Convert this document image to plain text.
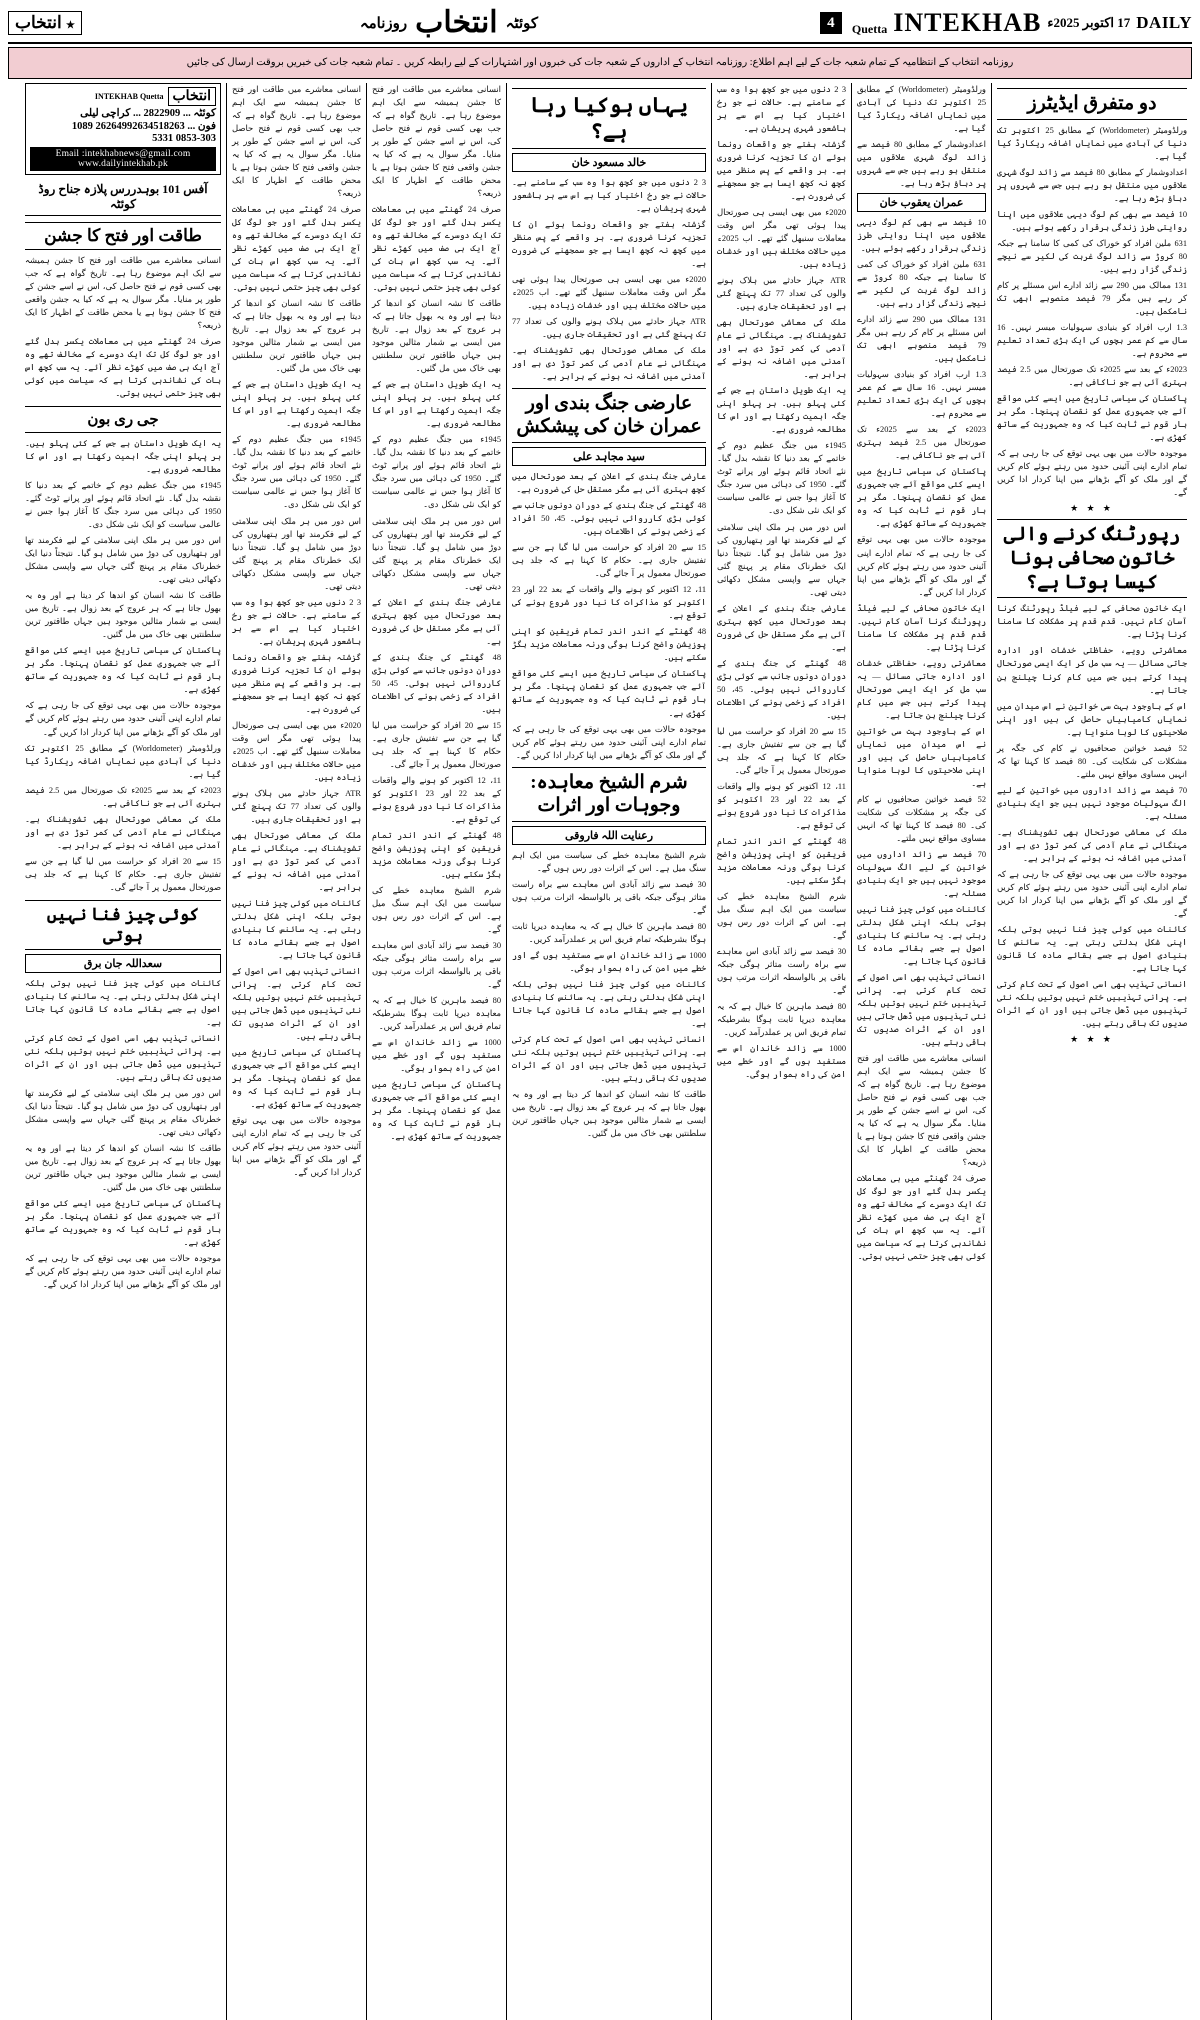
DAILY
17 اکتوبر 2025ء
INTEKHAB
Quetta
4
کوئٹہ
انتخاب
روزنامہ
★ انتخاب
روزنامہ انتخاب کے انتظامیہ کے تمام شعبہ جات کے لیے اہم اطلاع: روزنامہ انتخاب کے اداروں کے شعبہ جات کی خبروں اور اشتہارات کے لیے رابطہ کریں ۔ تمام شعبہ جات کی خبریں بروقت ارسال کی جائیں
دو متفرق ایڈیٹرز

ورلڈومیٹر (Worldometer) کے مطابق 25 اکتوبر تک دنیا کی آبادی میں نمایاں اضافہ ریکارڈ کیا گیا ہے۔

اعدادوشمار کے مطابق 80 فیصد سے زائد لوگ شہری علاقوں میں منتقل ہو رہے ہیں جس سے شہروں پر دباؤ بڑھ رہا ہے۔

10 فیصد سے بھی کم لوگ دیہی علاقوں میں اپنا روایتی طرز زندگی برقرار رکھے ہوئے ہیں۔

631 ملین افراد کو خوراک کی کمی کا سامنا ہے جبکہ 80 کروڑ سے زائد لوگ غربت کی لکیر سے نیچے زندگی گزار رہے ہیں۔

131 ممالک میں 290 سے زائد ادارے اس مسئلے پر کام کر رہے ہیں مگر 79 فیصد منصوبے ابھی تک نامکمل ہیں۔

1.3 ارب افراد کو بنیادی سہولیات میسر نہیں۔ 16 سال سے کم عمر بچوں کی ایک بڑی تعداد تعلیم سے محروم ہے۔

2023ء کے بعد سے 2025ء تک صورتحال میں 2.5 فیصد بہتری آئی ہے جو ناکافی ہے۔

پاکستان کی سیاسی تاریخ میں ایسے کئی مواقع آئے جب جمہوری عمل کو نقصان پہنچا۔ مگر ہر بار قوم نے ثابت کیا کہ وہ جمہوریت کے ساتھ کھڑی ہے۔

موجودہ حالات میں بھی یہی توقع کی جا رہی ہے کہ تمام ادارے اپنی آئینی حدود میں رہتے ہوئے کام کریں گے اور ملک کو آگے بڑھانے میں اپنا کردار ادا کریں گے۔

★ ★ ★
رپورٹنگ کرنے والی خاتون صحافی ہونا کیسا ہوتا ہے؟

ایک خاتون صحافی کے لیے فیلڈ رپورٹنگ کرنا آسان کام نہیں۔ قدم قدم پر مشکلات کا سامنا کرنا پڑتا ہے۔

معاشرتی رویے، حفاظتی خدشات اور ادارہ جاتی مسائل — یہ سب مل کر ایک ایسی صورتحال پیدا کرتے ہیں جس میں کام کرنا چیلنج بن جاتا ہے۔

اس کے باوجود بہت سی خواتین نے اس میدان میں نمایاں کامیابیاں حاصل کی ہیں اور اپنی صلاحیتوں کا لوہا منوایا ہے۔

52 فیصد خواتین صحافیوں نے کام کی جگہ پر مشکلات کی شکایت کی۔ 80 فیصد کا کہنا تھا کہ انہیں مساوی مواقع نہیں ملتے۔

70 فیصد سے زائد اداروں میں خواتین کے لیے الگ سہولیات موجود نہیں ہیں جو ایک بنیادی مسئلہ ہے۔

ملک کی معاشی صورتحال بھی تشویشناک ہے۔ مہنگائی نے عام آدمی کی کمر توڑ دی ہے اور آمدنی میں اضافہ نہ ہونے کے برابر ہے۔

موجودہ حالات میں بھی یہی توقع کی جا رہی ہے کہ تمام ادارے اپنی آئینی حدود میں رہتے ہوئے کام کریں گے اور ملک کو آگے بڑھانے میں اپنا کردار ادا کریں گے۔

کائنات میں کوئی چیز فنا نہیں ہوتی بلکہ اپنی شکل بدلتی رہتی ہے۔ یہ سائنس کا بنیادی اصول ہے جسے بقائے مادہ کا قانون کہا جاتا ہے۔

انسانی تہذیب بھی اسی اصول کے تحت کام کرتی ہے۔ پرانی تہذیبیں ختم نہیں ہوتیں بلکہ نئی تہذیبوں میں ڈھل جاتی ہیں اور ان کے اثرات صدیوں تک باقی رہتے ہیں۔

★ ★ ★

ورلڈومیٹر (Worldometer) کے مطابق 25 اکتوبر تک دنیا کی آبادی میں نمایاں اضافہ ریکارڈ کیا گیا ہے۔

اعدادوشمار کے مطابق 80 فیصد سے زائد لوگ شہری علاقوں میں منتقل ہو رہے ہیں جس سے شہروں پر دباؤ بڑھ رہا ہے۔

عمران یعقوب خان

10 فیصد سے بھی کم لوگ دیہی علاقوں میں اپنا روایتی طرز زندگی برقرار رکھے ہوئے ہیں۔

631 ملین افراد کو خوراک کی کمی کا سامنا ہے جبکہ 80 کروڑ سے زائد لوگ غربت کی لکیر سے نیچے زندگی گزار رہے ہیں۔

131 ممالک میں 290 سے زائد ادارے اس مسئلے پر کام کر رہے ہیں مگر 79 فیصد منصوبے ابھی تک نامکمل ہیں۔

1.3 ارب افراد کو بنیادی سہولیات میسر نہیں۔ 16 سال سے کم عمر بچوں کی ایک بڑی تعداد تعلیم سے محروم ہے۔

2023ء کے بعد سے 2025ء تک صورتحال میں 2.5 فیصد بہتری آئی ہے جو ناکافی ہے۔

پاکستان کی سیاسی تاریخ میں ایسے کئی مواقع آئے جب جمہوری عمل کو نقصان پہنچا۔ مگر ہر بار قوم نے ثابت کیا کہ وہ جمہوریت کے ساتھ کھڑی ہے۔

موجودہ حالات میں بھی یہی توقع کی جا رہی ہے کہ تمام ادارے اپنی آئینی حدود میں رہتے ہوئے کام کریں گے اور ملک کو آگے بڑھانے میں اپنا کردار ادا کریں گے۔

ایک خاتون صحافی کے لیے فیلڈ رپورٹنگ کرنا آسان کام نہیں۔ قدم قدم پر مشکلات کا سامنا کرنا پڑتا ہے۔

معاشرتی رویے، حفاظتی خدشات اور ادارہ جاتی مسائل — یہ سب مل کر ایک ایسی صورتحال پیدا کرتے ہیں جس میں کام کرنا چیلنج بن جاتا ہے۔

اس کے باوجود بہت سی خواتین نے اس میدان میں نمایاں کامیابیاں حاصل کی ہیں اور اپنی صلاحیتوں کا لوہا منوایا ہے۔

52 فیصد خواتین صحافیوں نے کام کی جگہ پر مشکلات کی شکایت کی۔ 80 فیصد کا کہنا تھا کہ انہیں مساوی مواقع نہیں ملتے۔

70 فیصد سے زائد اداروں میں خواتین کے لیے الگ سہولیات موجود نہیں ہیں جو ایک بنیادی مسئلہ ہے۔

کائنات میں کوئی چیز فنا نہیں ہوتی بلکہ اپنی شکل بدلتی رہتی ہے۔ یہ سائنس کا بنیادی اصول ہے جسے بقائے مادہ کا قانون کہا جاتا ہے۔

انسانی تہذیب بھی اسی اصول کے تحت کام کرتی ہے۔ پرانی تہذیبیں ختم نہیں ہوتیں بلکہ نئی تہذیبوں میں ڈھل جاتی ہیں اور ان کے اثرات صدیوں تک باقی رہتے ہیں۔

انسانی معاشرے میں طاقت اور فتح کا جشن ہمیشہ سے ایک اہم موضوع رہا ہے۔ تاریخ گواہ ہے کہ جب بھی کسی قوم نے فتح حاصل کی، اس نے اسے جشن کے طور پر منایا۔ مگر سوال یہ ہے کہ کیا یہ جشن واقعی فتح کا جشن ہوتا ہے یا محض طاقت کے اظہار کا ایک ذریعہ؟

صرف 24 گھنٹے میں ہی معاملات یکسر بدل گئے اور جو لوگ کل تک ایک دوسرے کے مخالف تھے وہ آج ایک ہی صف میں کھڑے نظر آئے۔ یہ سب کچھ اس بات کی نشاندہی کرتا ہے کہ سیاست میں کوئی بھی چیز حتمی نہیں ہوتی۔

3 2 دنوں میں جو کچھ ہوا وہ سب کے سامنے ہے۔ حالات نے جو رخ اختیار کیا ہے اس سے ہر باشعور شہری پریشان ہے۔

گزشتہ ہفتے جو واقعات رونما ہوئے ان کا تجزیہ کرنا ضروری ہے۔ ہر واقعے کے پس منظر میں کچھ نہ کچھ ایسا ہے جو سمجھنے کی ضرورت ہے۔

2020ء میں بھی ایسی ہی صورتحال پیدا ہوئی تھی مگر اس وقت معاملات سنبھل گئے تھے۔ اب 2025ء میں حالات مختلف ہیں اور خدشات زیادہ ہیں۔

ATR جہاز حادثے میں ہلاک ہونے والوں کی تعداد 77 تک پہنچ گئی ہے اور تحقیقات جاری ہیں۔

ملک کی معاشی صورتحال بھی تشویشناک ہے۔ مہنگائی نے عام آدمی کی کمر توڑ دی ہے اور آمدنی میں اضافہ نہ ہونے کے برابر ہے۔

یہ ایک طویل داستان ہے جس کے کئی پہلو ہیں۔ ہر پہلو اپنی جگہ اہمیت رکھتا ہے اور اس کا مطالعہ ضروری ہے۔

1945ء میں جنگ عظیم دوم کے خاتمے کے بعد دنیا کا نقشہ بدل گیا۔ نئے اتحاد قائم ہوئے اور پرانے ٹوٹ گئے۔ 1950 کی دہائی میں سرد جنگ کا آغاز ہوا جس نے عالمی سیاست کو ایک نئی شکل دی۔

اس دور میں ہر ملک اپنی سلامتی کے لیے فکرمند تھا اور ہتھیاروں کی دوڑ میں شامل ہو گیا۔ نتیجتاً دنیا ایک خطرناک مقام پر پہنچ گئی جہاں سے واپسی مشکل دکھائی دیتی تھی۔

عارضی جنگ بندی کے اعلان کے بعد صورتحال میں کچھ بہتری آئی ہے مگر مستقل حل کی ضرورت ہے۔

48 گھنٹے کی جنگ بندی کے دوران دونوں جانب سے کوئی بڑی کارروائی نہیں ہوئی۔ 45، 50 افراد کے زخمی ہونے کی اطلاعات ہیں۔

15 سے 20 افراد کو حراست میں لیا گیا ہے جن سے تفتیش جاری ہے۔ حکام کا کہنا ہے کہ جلد ہی صورتحال معمول پر آ جائے گی۔

11، 12 اکتوبر کو ہونے والے واقعات کے بعد 22 اور 23 اکتوبر کو مذاکرات کا نیا دور شروع ہونے کی توقع ہے۔

48 گھنٹے کے اندر اندر تمام فریقین کو اپنی پوزیشن واضح کرنا ہوگی ورنہ معاملات مزید بگڑ سکتے ہیں۔

شرم الشیخ معاہدہ خطے کی سیاست میں ایک اہم سنگ میل ہے۔ اس کے اثرات دور رس ہوں گے۔

30 فیصد سے زائد آبادی اس معاہدے سے براہ راست متاثر ہوگی جبکہ باقی پر بالواسطہ اثرات مرتب ہوں گے۔

80 فیصد ماہرین کا خیال ہے کہ یہ معاہدہ دیرپا ثابت ہوگا بشرطیکہ تمام فریق اس پر عملدرآمد کریں۔

1000 سے زائد خاندان اس سے مستفید ہوں گے اور خطے میں امن کی راہ ہموار ہوگی۔

یہاں ہوکیا رہا ہے؟
خالد مسعود خان

3 2 دنوں میں جو کچھ ہوا وہ سب کے سامنے ہے۔ حالات نے جو رخ اختیار کیا ہے اس سے ہر باشعور شہری پریشان ہے۔

گزشتہ ہفتے جو واقعات رونما ہوئے ان کا تجزیہ کرنا ضروری ہے۔ ہر واقعے کے پس منظر میں کچھ نہ کچھ ایسا ہے جو سمجھنے کی ضرورت ہے۔

2020ء میں بھی ایسی ہی صورتحال پیدا ہوئی تھی مگر اس وقت معاملات سنبھل گئے تھے۔ اب 2025ء میں حالات مختلف ہیں اور خدشات زیادہ ہیں۔

ATR جہاز حادثے میں ہلاک ہونے والوں کی تعداد 77 تک پہنچ گئی ہے اور تحقیقات جاری ہیں۔

ملک کی معاشی صورتحال بھی تشویشناک ہے۔ مہنگائی نے عام آدمی کی کمر توڑ دی ہے اور آمدنی میں اضافہ نہ ہونے کے برابر ہے۔

عارضی جنگ بندی اور عمران خان کی پیشکش
سید مجاہد علی

عارضی جنگ بندی کے اعلان کے بعد صورتحال میں کچھ بہتری آئی ہے مگر مستقل حل کی ضرورت ہے۔

48 گھنٹے کی جنگ بندی کے دوران دونوں جانب سے کوئی بڑی کارروائی نہیں ہوئی۔ 45، 50 افراد کے زخمی ہونے کی اطلاعات ہیں۔

15 سے 20 افراد کو حراست میں لیا گیا ہے جن سے تفتیش جاری ہے۔ حکام کا کہنا ہے کہ جلد ہی صورتحال معمول پر آ جائے گی۔

11، 12 اکتوبر کو ہونے والے واقعات کے بعد 22 اور 23 اکتوبر کو مذاکرات کا نیا دور شروع ہونے کی توقع ہے۔

48 گھنٹے کے اندر اندر تمام فریقین کو اپنی پوزیشن واضح کرنا ہوگی ورنہ معاملات مزید بگڑ سکتے ہیں۔

پاکستان کی سیاسی تاریخ میں ایسے کئی مواقع آئے جب جمہوری عمل کو نقصان پہنچا۔ مگر ہر بار قوم نے ثابت کیا کہ وہ جمہوریت کے ساتھ کھڑی ہے۔

موجودہ حالات میں بھی یہی توقع کی جا رہی ہے کہ تمام ادارے اپنی آئینی حدود میں رہتے ہوئے کام کریں گے اور ملک کو آگے بڑھانے میں اپنا کردار ادا کریں گے۔

شرم الشیخ معاہدہ: وجوہات اور اثرات
رعنایت اللہ فاروقی

شرم الشیخ معاہدہ خطے کی سیاست میں ایک اہم سنگ میل ہے۔ اس کے اثرات دور رس ہوں گے۔

30 فیصد سے زائد آبادی اس معاہدے سے براہ راست متاثر ہوگی جبکہ باقی پر بالواسطہ اثرات مرتب ہوں گے۔

80 فیصد ماہرین کا خیال ہے کہ یہ معاہدہ دیرپا ثابت ہوگا بشرطیکہ تمام فریق اس پر عملدرآمد کریں۔

1000 سے زائد خاندان اس سے مستفید ہوں گے اور خطے میں امن کی راہ ہموار ہوگی۔

کائنات میں کوئی چیز فنا نہیں ہوتی بلکہ اپنی شکل بدلتی رہتی ہے۔ یہ سائنس کا بنیادی اصول ہے جسے بقائے مادہ کا قانون کہا جاتا ہے۔

انسانی تہذیب بھی اسی اصول کے تحت کام کرتی ہے۔ پرانی تہذیبیں ختم نہیں ہوتیں بلکہ نئی تہذیبوں میں ڈھل جاتی ہیں اور ان کے اثرات صدیوں تک باقی رہتے ہیں۔

طاقت کا نشہ انسان کو اندھا کر دیتا ہے اور وہ یہ بھول جاتا ہے کہ ہر عروج کے بعد زوال ہے۔ تاریخ میں ایسی بے شمار مثالیں موجود ہیں جہاں طاقتور ترین سلطنتیں بھی خاک میں مل گئیں۔

انسانی معاشرے میں طاقت اور فتح کا جشن ہمیشہ سے ایک اہم موضوع رہا ہے۔ تاریخ گواہ ہے کہ جب بھی کسی قوم نے فتح حاصل کی، اس نے اسے جشن کے طور پر منایا۔ مگر سوال یہ ہے کہ کیا یہ جشن واقعی فتح کا جشن ہوتا ہے یا محض طاقت کے اظہار کا ایک ذریعہ؟

صرف 24 گھنٹے میں ہی معاملات یکسر بدل گئے اور جو لوگ کل تک ایک دوسرے کے مخالف تھے وہ آج ایک ہی صف میں کھڑے نظر آئے۔ یہ سب کچھ اس بات کی نشاندہی کرتا ہے کہ سیاست میں کوئی بھی چیز حتمی نہیں ہوتی۔

طاقت کا نشہ انسان کو اندھا کر دیتا ہے اور وہ یہ بھول جاتا ہے کہ ہر عروج کے بعد زوال ہے۔ تاریخ میں ایسی بے شمار مثالیں موجود ہیں جہاں طاقتور ترین سلطنتیں بھی خاک میں مل گئیں۔

یہ ایک طویل داستان ہے جس کے کئی پہلو ہیں۔ ہر پہلو اپنی جگہ اہمیت رکھتا ہے اور اس کا مطالعہ ضروری ہے۔

1945ء میں جنگ عظیم دوم کے خاتمے کے بعد دنیا کا نقشہ بدل گیا۔ نئے اتحاد قائم ہوئے اور پرانے ٹوٹ گئے۔ 1950 کی دہائی میں سرد جنگ کا آغاز ہوا جس نے عالمی سیاست کو ایک نئی شکل دی۔

اس دور میں ہر ملک اپنی سلامتی کے لیے فکرمند تھا اور ہتھیاروں کی دوڑ میں شامل ہو گیا۔ نتیجتاً دنیا ایک خطرناک مقام پر پہنچ گئی جہاں سے واپسی مشکل دکھائی دیتی تھی۔

عارضی جنگ بندی کے اعلان کے بعد صورتحال میں کچھ بہتری آئی ہے مگر مستقل حل کی ضرورت ہے۔

48 گھنٹے کی جنگ بندی کے دوران دونوں جانب سے کوئی بڑی کارروائی نہیں ہوئی۔ 45، 50 افراد کے زخمی ہونے کی اطلاعات ہیں۔

15 سے 20 افراد کو حراست میں لیا گیا ہے جن سے تفتیش جاری ہے۔ حکام کا کہنا ہے کہ جلد ہی صورتحال معمول پر آ جائے گی۔

11، 12 اکتوبر کو ہونے والے واقعات کے بعد 22 اور 23 اکتوبر کو مذاکرات کا نیا دور شروع ہونے کی توقع ہے۔

48 گھنٹے کے اندر اندر تمام فریقین کو اپنی پوزیشن واضح کرنا ہوگی ورنہ معاملات مزید بگڑ سکتے ہیں۔

شرم الشیخ معاہدہ خطے کی سیاست میں ایک اہم سنگ میل ہے۔ اس کے اثرات دور رس ہوں گے۔

30 فیصد سے زائد آبادی اس معاہدے سے براہ راست متاثر ہوگی جبکہ باقی پر بالواسطہ اثرات مرتب ہوں گے۔

80 فیصد ماہرین کا خیال ہے کہ یہ معاہدہ دیرپا ثابت ہوگا بشرطیکہ تمام فریق اس پر عملدرآمد کریں۔

1000 سے زائد خاندان اس سے مستفید ہوں گے اور خطے میں امن کی راہ ہموار ہوگی۔

پاکستان کی سیاسی تاریخ میں ایسے کئی مواقع آئے جب جمہوری عمل کو نقصان پہنچا۔ مگر ہر بار قوم نے ثابت کیا کہ وہ جمہوریت کے ساتھ کھڑی ہے۔

انسانی معاشرے میں طاقت اور فتح کا جشن ہمیشہ سے ایک اہم موضوع رہا ہے۔ تاریخ گواہ ہے کہ جب بھی کسی قوم نے فتح حاصل کی، اس نے اسے جشن کے طور پر منایا۔ مگر سوال یہ ہے کہ کیا یہ جشن واقعی فتح کا جشن ہوتا ہے یا محض طاقت کے اظہار کا ایک ذریعہ؟

صرف 24 گھنٹے میں ہی معاملات یکسر بدل گئے اور جو لوگ کل تک ایک دوسرے کے مخالف تھے وہ آج ایک ہی صف میں کھڑے نظر آئے۔ یہ سب کچھ اس بات کی نشاندہی کرتا ہے کہ سیاست میں کوئی بھی چیز حتمی نہیں ہوتی۔

طاقت کا نشہ انسان کو اندھا کر دیتا ہے اور وہ یہ بھول جاتا ہے کہ ہر عروج کے بعد زوال ہے۔ تاریخ میں ایسی بے شمار مثالیں موجود ہیں جہاں طاقتور ترین سلطنتیں بھی خاک میں مل گئیں۔

یہ ایک طویل داستان ہے جس کے کئی پہلو ہیں۔ ہر پہلو اپنی جگہ اہمیت رکھتا ہے اور اس کا مطالعہ ضروری ہے۔

1945ء میں جنگ عظیم دوم کے خاتمے کے بعد دنیا کا نقشہ بدل گیا۔ نئے اتحاد قائم ہوئے اور پرانے ٹوٹ گئے۔ 1950 کی دہائی میں سرد جنگ کا آغاز ہوا جس نے عالمی سیاست کو ایک نئی شکل دی۔

اس دور میں ہر ملک اپنی سلامتی کے لیے فکرمند تھا اور ہتھیاروں کی دوڑ میں شامل ہو گیا۔ نتیجتاً دنیا ایک خطرناک مقام پر پہنچ گئی جہاں سے واپسی مشکل دکھائی دیتی تھی۔

3 2 دنوں میں جو کچھ ہوا وہ سب کے سامنے ہے۔ حالات نے جو رخ اختیار کیا ہے اس سے ہر باشعور شہری پریشان ہے۔

گزشتہ ہفتے جو واقعات رونما ہوئے ان کا تجزیہ کرنا ضروری ہے۔ ہر واقعے کے پس منظر میں کچھ نہ کچھ ایسا ہے جو سمجھنے کی ضرورت ہے۔

2020ء میں بھی ایسی ہی صورتحال پیدا ہوئی تھی مگر اس وقت معاملات سنبھل گئے تھے۔ اب 2025ء میں حالات مختلف ہیں اور خدشات زیادہ ہیں۔

ATR جہاز حادثے میں ہلاک ہونے والوں کی تعداد 77 تک پہنچ گئی ہے اور تحقیقات جاری ہیں۔

ملک کی معاشی صورتحال بھی تشویشناک ہے۔ مہنگائی نے عام آدمی کی کمر توڑ دی ہے اور آمدنی میں اضافہ نہ ہونے کے برابر ہے۔

کائنات میں کوئی چیز فنا نہیں ہوتی بلکہ اپنی شکل بدلتی رہتی ہے۔ یہ سائنس کا بنیادی اصول ہے جسے بقائے مادہ کا قانون کہا جاتا ہے۔

انسانی تہذیب بھی اسی اصول کے تحت کام کرتی ہے۔ پرانی تہذیبیں ختم نہیں ہوتیں بلکہ نئی تہذیبوں میں ڈھل جاتی ہیں اور ان کے اثرات صدیوں تک باقی رہتے ہیں۔

پاکستان کی سیاسی تاریخ میں ایسے کئی مواقع آئے جب جمہوری عمل کو نقصان پہنچا۔ مگر ہر بار قوم نے ثابت کیا کہ وہ جمہوریت کے ساتھ کھڑی ہے۔

موجودہ حالات میں بھی یہی توقع کی جا رہی ہے کہ تمام ادارے اپنی آئینی حدود میں رہتے ہوئے کام کریں گے اور ملک کو آگے بڑھانے میں اپنا کردار ادا کریں گے۔

انتخاب
INTEKHAB Quetta
کوئٹہ ... 2822909 ... کراچی لیلی
فون ... 26264992634518263 1089
0853-303 5331
Email :intekhabnews@gmail.com www.dailyintekhab.pk
آفس 101 بوہدررس پلازہ جناح روڈ کوئٹہ
طاقت اور فتح کا جشن

انسانی معاشرے میں طاقت اور فتح کا جشن ہمیشہ سے ایک اہم موضوع رہا ہے۔ تاریخ گواہ ہے کہ جب بھی کسی قوم نے فتح حاصل کی، اس نے اسے جشن کے طور پر منایا۔ مگر سوال یہ ہے کہ کیا یہ جشن واقعی فتح کا جشن ہوتا ہے یا محض طاقت کے اظہار کا ایک ذریعہ؟

صرف 24 گھنٹے میں ہی معاملات یکسر بدل گئے اور جو لوگ کل تک ایک دوسرے کے مخالف تھے وہ آج ایک ہی صف میں کھڑے نظر آئے۔ یہ سب کچھ اس بات کی نشاندہی کرتا ہے کہ سیاست میں کوئی بھی چیز حتمی نہیں ہوتی۔

جی ری بون

یہ ایک طویل داستان ہے جس کے کئی پہلو ہیں۔ ہر پہلو اپنی جگہ اہمیت رکھتا ہے اور اس کا مطالعہ ضروری ہے۔

1945ء میں جنگ عظیم دوم کے خاتمے کے بعد دنیا کا نقشہ بدل گیا۔ نئے اتحاد قائم ہوئے اور پرانے ٹوٹ گئے۔ 1950 کی دہائی میں سرد جنگ کا آغاز ہوا جس نے عالمی سیاست کو ایک نئی شکل دی۔

اس دور میں ہر ملک اپنی سلامتی کے لیے فکرمند تھا اور ہتھیاروں کی دوڑ میں شامل ہو گیا۔ نتیجتاً دنیا ایک خطرناک مقام پر پہنچ گئی جہاں سے واپسی مشکل دکھائی دیتی تھی۔

طاقت کا نشہ انسان کو اندھا کر دیتا ہے اور وہ یہ بھول جاتا ہے کہ ہر عروج کے بعد زوال ہے۔ تاریخ میں ایسی بے شمار مثالیں موجود ہیں جہاں طاقتور ترین سلطنتیں بھی خاک میں مل گئیں۔

پاکستان کی سیاسی تاریخ میں ایسے کئی مواقع آئے جب جمہوری عمل کو نقصان پہنچا۔ مگر ہر بار قوم نے ثابت کیا کہ وہ جمہوریت کے ساتھ کھڑی ہے۔

موجودہ حالات میں بھی یہی توقع کی جا رہی ہے کہ تمام ادارے اپنی آئینی حدود میں رہتے ہوئے کام کریں گے اور ملک کو آگے بڑھانے میں اپنا کردار ادا کریں گے۔

ورلڈومیٹر (Worldometer) کے مطابق 25 اکتوبر تک دنیا کی آبادی میں نمایاں اضافہ ریکارڈ کیا گیا ہے۔

2023ء کے بعد سے 2025ء تک صورتحال میں 2.5 فیصد بہتری آئی ہے جو ناکافی ہے۔

ملک کی معاشی صورتحال بھی تشویشناک ہے۔ مہنگائی نے عام آدمی کی کمر توڑ دی ہے اور آمدنی میں اضافہ نہ ہونے کے برابر ہے۔

15 سے 20 افراد کو حراست میں لیا گیا ہے جن سے تفتیش جاری ہے۔ حکام کا کہنا ہے کہ جلد ہی صورتحال معمول پر آ جائے گی۔

کوئی چیز فنا نہیں ہوتی
سعداللہ جان برق

کائنات میں کوئی چیز فنا نہیں ہوتی بلکہ اپنی شکل بدلتی رہتی ہے۔ یہ سائنس کا بنیادی اصول ہے جسے بقائے مادہ کا قانون کہا جاتا ہے۔

انسانی تہذیب بھی اسی اصول کے تحت کام کرتی ہے۔ پرانی تہذیبیں ختم نہیں ہوتیں بلکہ نئی تہذیبوں میں ڈھل جاتی ہیں اور ان کے اثرات صدیوں تک باقی رہتے ہیں۔

اس دور میں ہر ملک اپنی سلامتی کے لیے فکرمند تھا اور ہتھیاروں کی دوڑ میں شامل ہو گیا۔ نتیجتاً دنیا ایک خطرناک مقام پر پہنچ گئی جہاں سے واپسی مشکل دکھائی دیتی تھی۔

طاقت کا نشہ انسان کو اندھا کر دیتا ہے اور وہ یہ بھول جاتا ہے کہ ہر عروج کے بعد زوال ہے۔ تاریخ میں ایسی بے شمار مثالیں موجود ہیں جہاں طاقتور ترین سلطنتیں بھی خاک میں مل گئیں۔

پاکستان کی سیاسی تاریخ میں ایسے کئی مواقع آئے جب جمہوری عمل کو نقصان پہنچا۔ مگر ہر بار قوم نے ثابت کیا کہ وہ جمہوریت کے ساتھ کھڑی ہے۔

موجودہ حالات میں بھی یہی توقع کی جا رہی ہے کہ تمام ادارے اپنی آئینی حدود میں رہتے ہوئے کام کریں گے اور ملک کو آگے بڑھانے میں اپنا کردار ادا کریں گے۔
